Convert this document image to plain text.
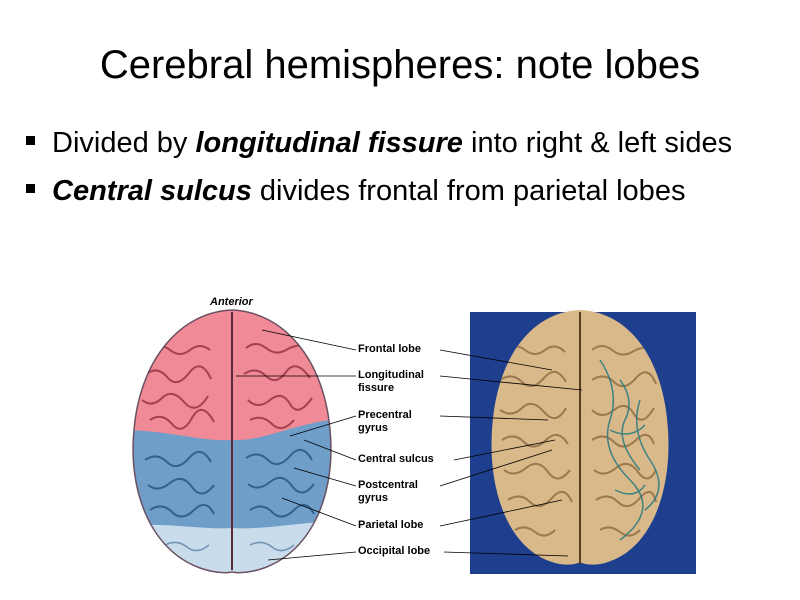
Cerebral hemispheres: note lobes
Divided by longitudinal fissure into right & left sides
Central sulcus divides frontal from parietal lobes
Anterior
Frontal lobe
Longitudinal
fissure
Precentral
gyrus
Central sulcus
Postcentral
gyrus
Parietal lobe
Occipital lobe
